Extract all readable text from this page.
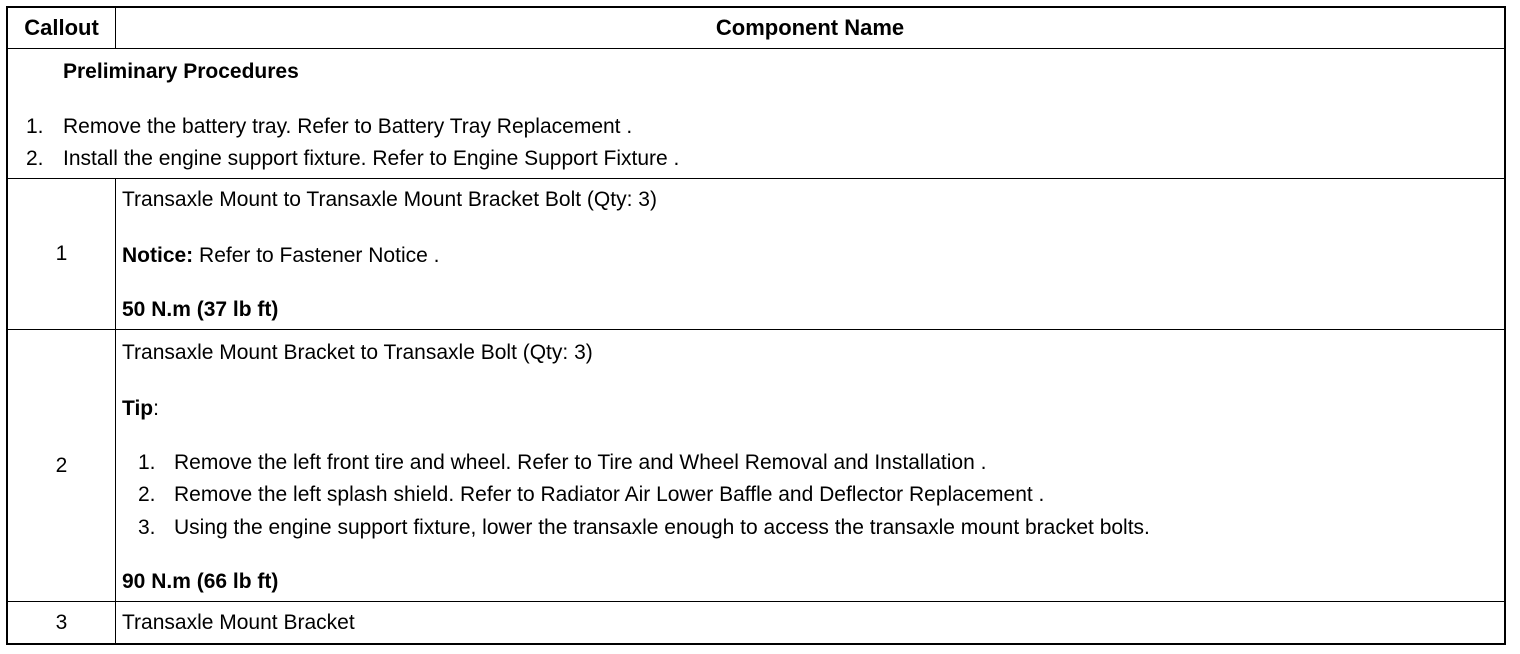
Callout	Component Name
Preliminary Procedures
1. Remove the battery tray. Refer to Battery Tray Replacement .
2. Install the engine support fixture. Refer to Engine Support Fixture .
1
Transaxle Mount to Transaxle Mount Bracket Bolt (Qty: 3)
Notice: Refer to Fastener Notice .
50 N.m (37 lb ft)
2
Transaxle Mount Bracket to Transaxle Bolt (Qty: 3)
Tip:
1. Remove the left front tire and wheel. Refer to Tire and Wheel Removal and Installation .
2. Remove the left splash shield. Refer to Radiator Air Lower Baffle and Deflector Replacement .
3. Using the engine support fixture, lower the transaxle enough to access the transaxle mount bracket bolts.
90 N.m (66 lb ft)
3	Transaxle Mount Bracket
